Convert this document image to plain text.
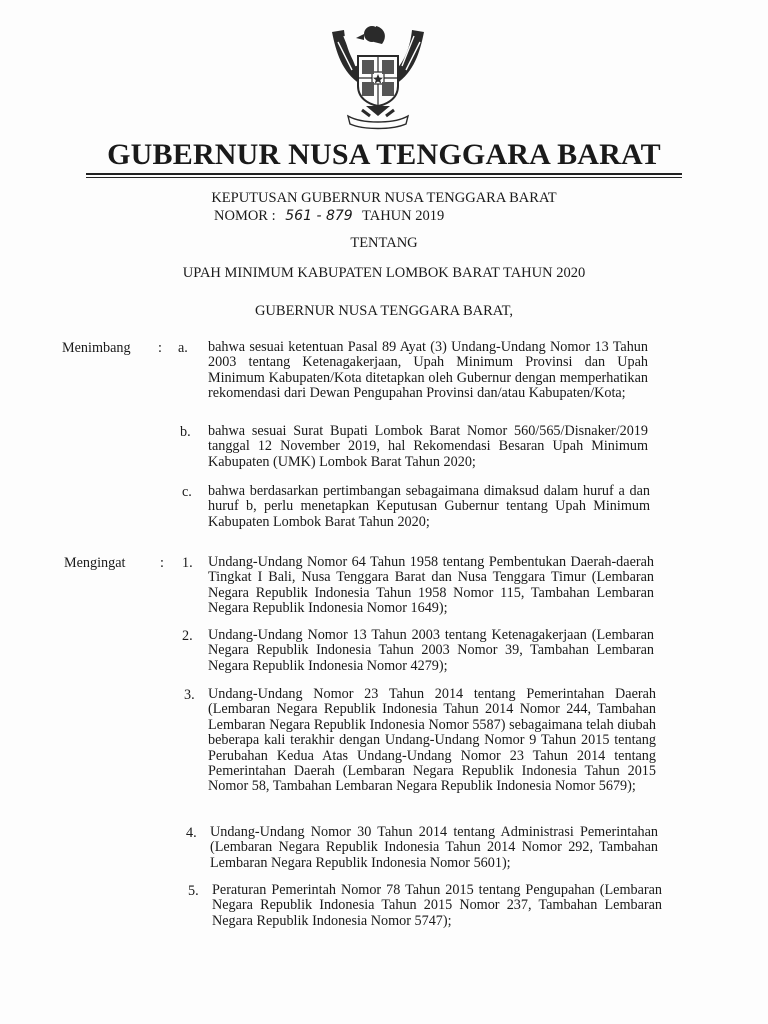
GUBERNUR NUSA TENGGARA BARAT
KEPUTUSAN GUBERNUR NUSA TENGGARA BARAT
NOMOR : 561 - 879 TAHUN 2019
TENTANG
UPAH MINIMUM KABUPATEN LOMBOK BARAT TAHUN 2020
GUBERNUR NUSA TENGGARA BARAT,
Menimbang : a. bahwa sesuai ketentuan Pasal 89 Ayat (3) Undang-Undang Nomor 13 Tahun 2003 tentang Ketenagakerjaan, Upah Minimum Provinsi dan Upah Minimum Kabupaten/Kota ditetapkan oleh Gubernur dengan memperhatikan rekomendasi dari Dewan Pengupahan Provinsi dan/atau Kabupaten/Kota;
b. bahwa sesuai Surat Bupati Lombok Barat Nomor 560/565/Disnaker/2019 tanggal 12 November 2019, hal Rekomendasi Besaran Upah Minimum Kabupaten (UMK) Lombok Barat Tahun 2020;
c. bahwa berdasarkan pertimbangan sebagaimana dimaksud dalam huruf a dan huruf b, perlu menetapkan Keputusan Gubernur tentang Upah Minimum Kabupaten Lombok Barat Tahun 2020;
Mengingat : 1. Undang-Undang Nomor 64 Tahun 1958 tentang Pembentukan Daerah-daerah Tingkat I Bali, Nusa Tenggara Barat dan Nusa Tenggara Timur (Lembaran Negara Republik Indonesia Tahun 1958 Nomor 115, Tambahan Lembaran Negara Republik Indonesia Nomor 1649);
2. Undang-Undang Nomor 13 Tahun 2003 tentang Ketenagakerjaan (Lembaran Negara Republik Indonesia Tahun 2003 Nomor 39, Tambahan Lembaran Negara Republik Indonesia Nomor 4279);
3. Undang-Undang Nomor 23 Tahun 2014 tentang Pemerintahan Daerah (Lembaran Negara Republik Indonesia Tahun 2014 Nomor 244, Tambahan Lembaran Negara Republik Indonesia Nomor 5587) sebagaimana telah diubah beberapa kali terakhir dengan Undang-Undang Nomor 9 Tahun 2015 tentang Perubahan Kedua Atas Undang-Undang Nomor 23 Tahun 2014 tentang Pemerintahan Daerah (Lembaran Negara Republik Indonesia Tahun 2015 Nomor 58, Tambahan Lembaran Negara Republik Indonesia Nomor 5679);
4. Undang-Undang Nomor 30 Tahun 2014 tentang Administrasi Pemerintahan (Lembaran Negara Republik Indonesia Tahun 2014 Nomor 292, Tambahan Lembaran Negara Republik Indonesia Nomor 5601);
5. Peraturan Pemerintah Nomor 78 Tahun 2015 tentang Pengupahan (Lembaran Negara Republik Indonesia Tahun 2015 Nomor 237, Tambahan Lembaran Negara Republik Indonesia Nomor 5747);
